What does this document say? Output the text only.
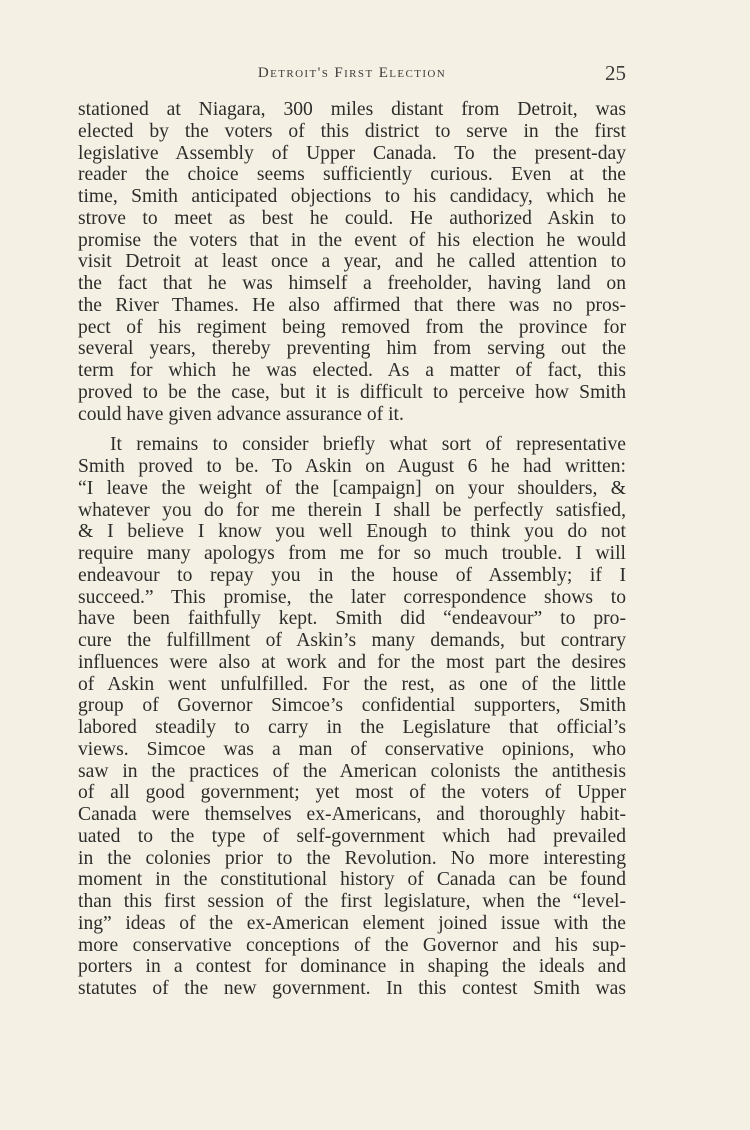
Detroit's First Election	25

stationed at Niagara, 300 miles distant from Detroit, was
elected by the voters of this district to serve in the first
legislative Assembly of Upper Canada. To the present-day
reader the choice seems sufficiently curious. Even at the
time, Smith anticipated objections to his candidacy, which he
strove to meet as best he could. He authorized Askin to
promise the voters that in the event of his election he would
visit Detroit at least once a year, and he called attention to
the fact that he was himself a freeholder, having land on
the River Thames. He also affirmed that there was no pros-
pect of his regiment being removed from the province for
several years, thereby preventing him from serving out the
term for which he was elected. As a matter of fact, this
proved to be the case, but it is difficult to perceive how Smith
could have given advance assurance of it.

It remains to consider briefly what sort of representative
Smith proved to be. To Askin on August 6 he had written:
“I leave the weight of the [campaign] on your shoulders, &
whatever you do for me therein I shall be perfectly satisfied,
& I believe I know you well Enough to think you do not
require many apologys from me for so much trouble. I will
endeavour to repay you in the house of Assembly; if I
succeed.” This promise, the later correspondence shows to
have been faithfully kept. Smith did “endeavour” to pro-
cure the fulfillment of Askin’s many demands, but contrary
influences were also at work and for the most part the desires
of Askin went unfulfilled. For the rest, as one of the little
group of Governor Simcoe’s confidential supporters, Smith
labored steadily to carry in the Legislature that official’s
views. Simcoe was a man of conservative opinions, who
saw in the practices of the American colonists the antithesis
of all good government; yet most of the voters of Upper
Canada were themselves ex-Americans, and thoroughly habit-
uated to the type of self-government which had prevailed
in the colonies prior to the Revolution. No more interesting
moment in the constitutional history of Canada can be found
than this first session of the first legislature, when the “level-
ing” ideas of the ex-American element joined issue with the
more conservative conceptions of the Governor and his sup-
porters in a contest for dominance in shaping the ideals and
statutes of the new government. In this contest Smith was
